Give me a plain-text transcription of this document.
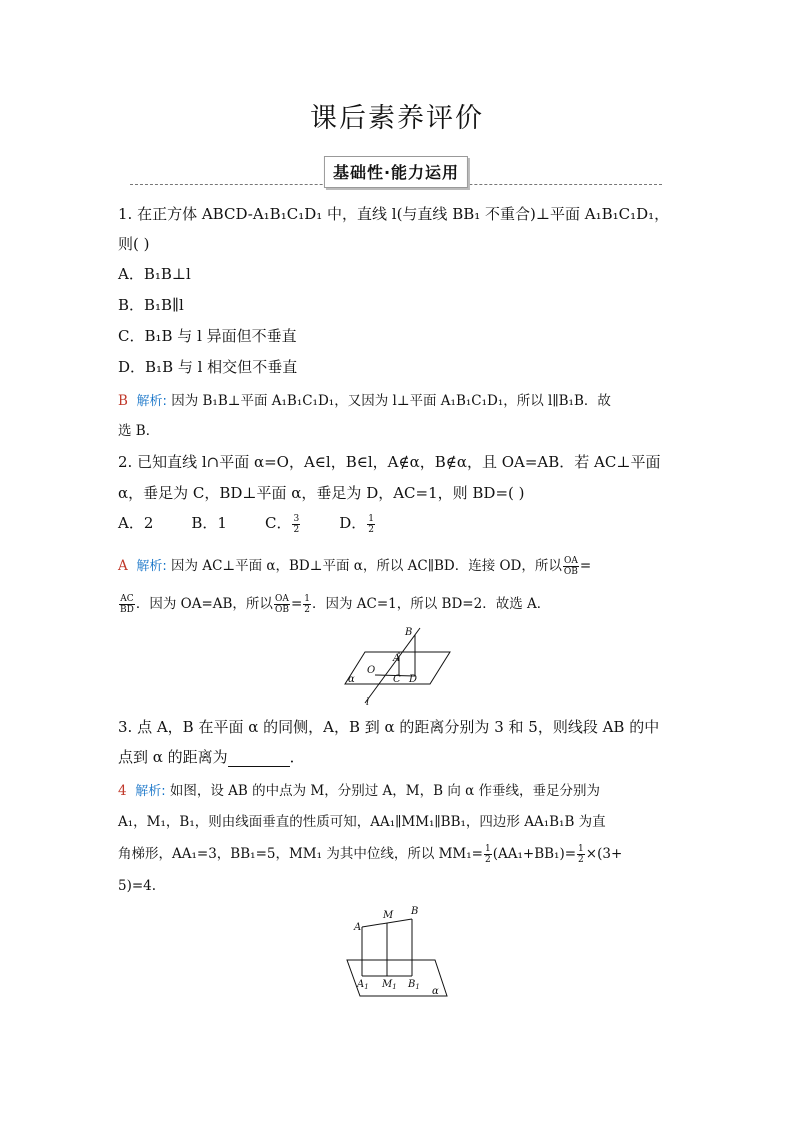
课后素养评价
基础性·能力运用
1. 在正方体 ABCD-A₁B₁C₁D₁ 中，直线 l(与直线 BB₁ 不重合)⊥平面 A₁B₁C₁D₁，
则( )
A．B₁B⊥l
B．B₁B∥l
C．B₁B 与 l 异面但不垂直
D．B₁B 与 l 相交但不垂直
B 解析: 因为 B₁B⊥平面 A₁B₁C₁D₁，又因为 l⊥平面 A₁B₁C₁D₁，所以 l∥B₁B．故
选 B．
2. 已知直线 l∩平面 α=O，A∈l，B∈l，A∉α，B∉α，且 OA=AB．若 AC⊥平面
α，垂足为 C，BD⊥平面 α，垂足为 D，AC=1，则 BD=( )
A．2	B．1	C． $\frac{3}{2}$	D． $\frac{1}{2}$
A 解析: 因为 AC⊥平面 α，BD⊥平面 α，所以 AC∥BD．连接 OD，所以 $\frac{OA}{OB}$ =
$\frac{AC}{BD}$ ．因为 OA=AB，所以 $\frac{OA}{OB} = \frac{1}{2}$ ．因为 AC=1，所以 BD=2．故选 A．
B
A
O
C D
α
l
3. 点 A，B 在平面 α 的同侧，A，B 到 α 的距离分别为 3 和 5，则线段 AB 的中
点到 α 的距离为	．
4 解析: 如图，设 AB 的中点为 M，分别过 A，M，B 向 α 作垂线，垂足分别为
A₁，M₁，B₁，则由线面垂直的性质可知，AA₁∥MM₁∥BB₁，四边形 AA₁B₁B 为直
角梯形，AA₁=3，BB₁=5，MM₁ 为其中位线，所以 $MM_1= \frac{1}{2} (AA_1+BB_1)= \frac{1}{2} \times(3+$
5)=4.
A
M B
$A_1$ $M_1$ $B_1$ α
